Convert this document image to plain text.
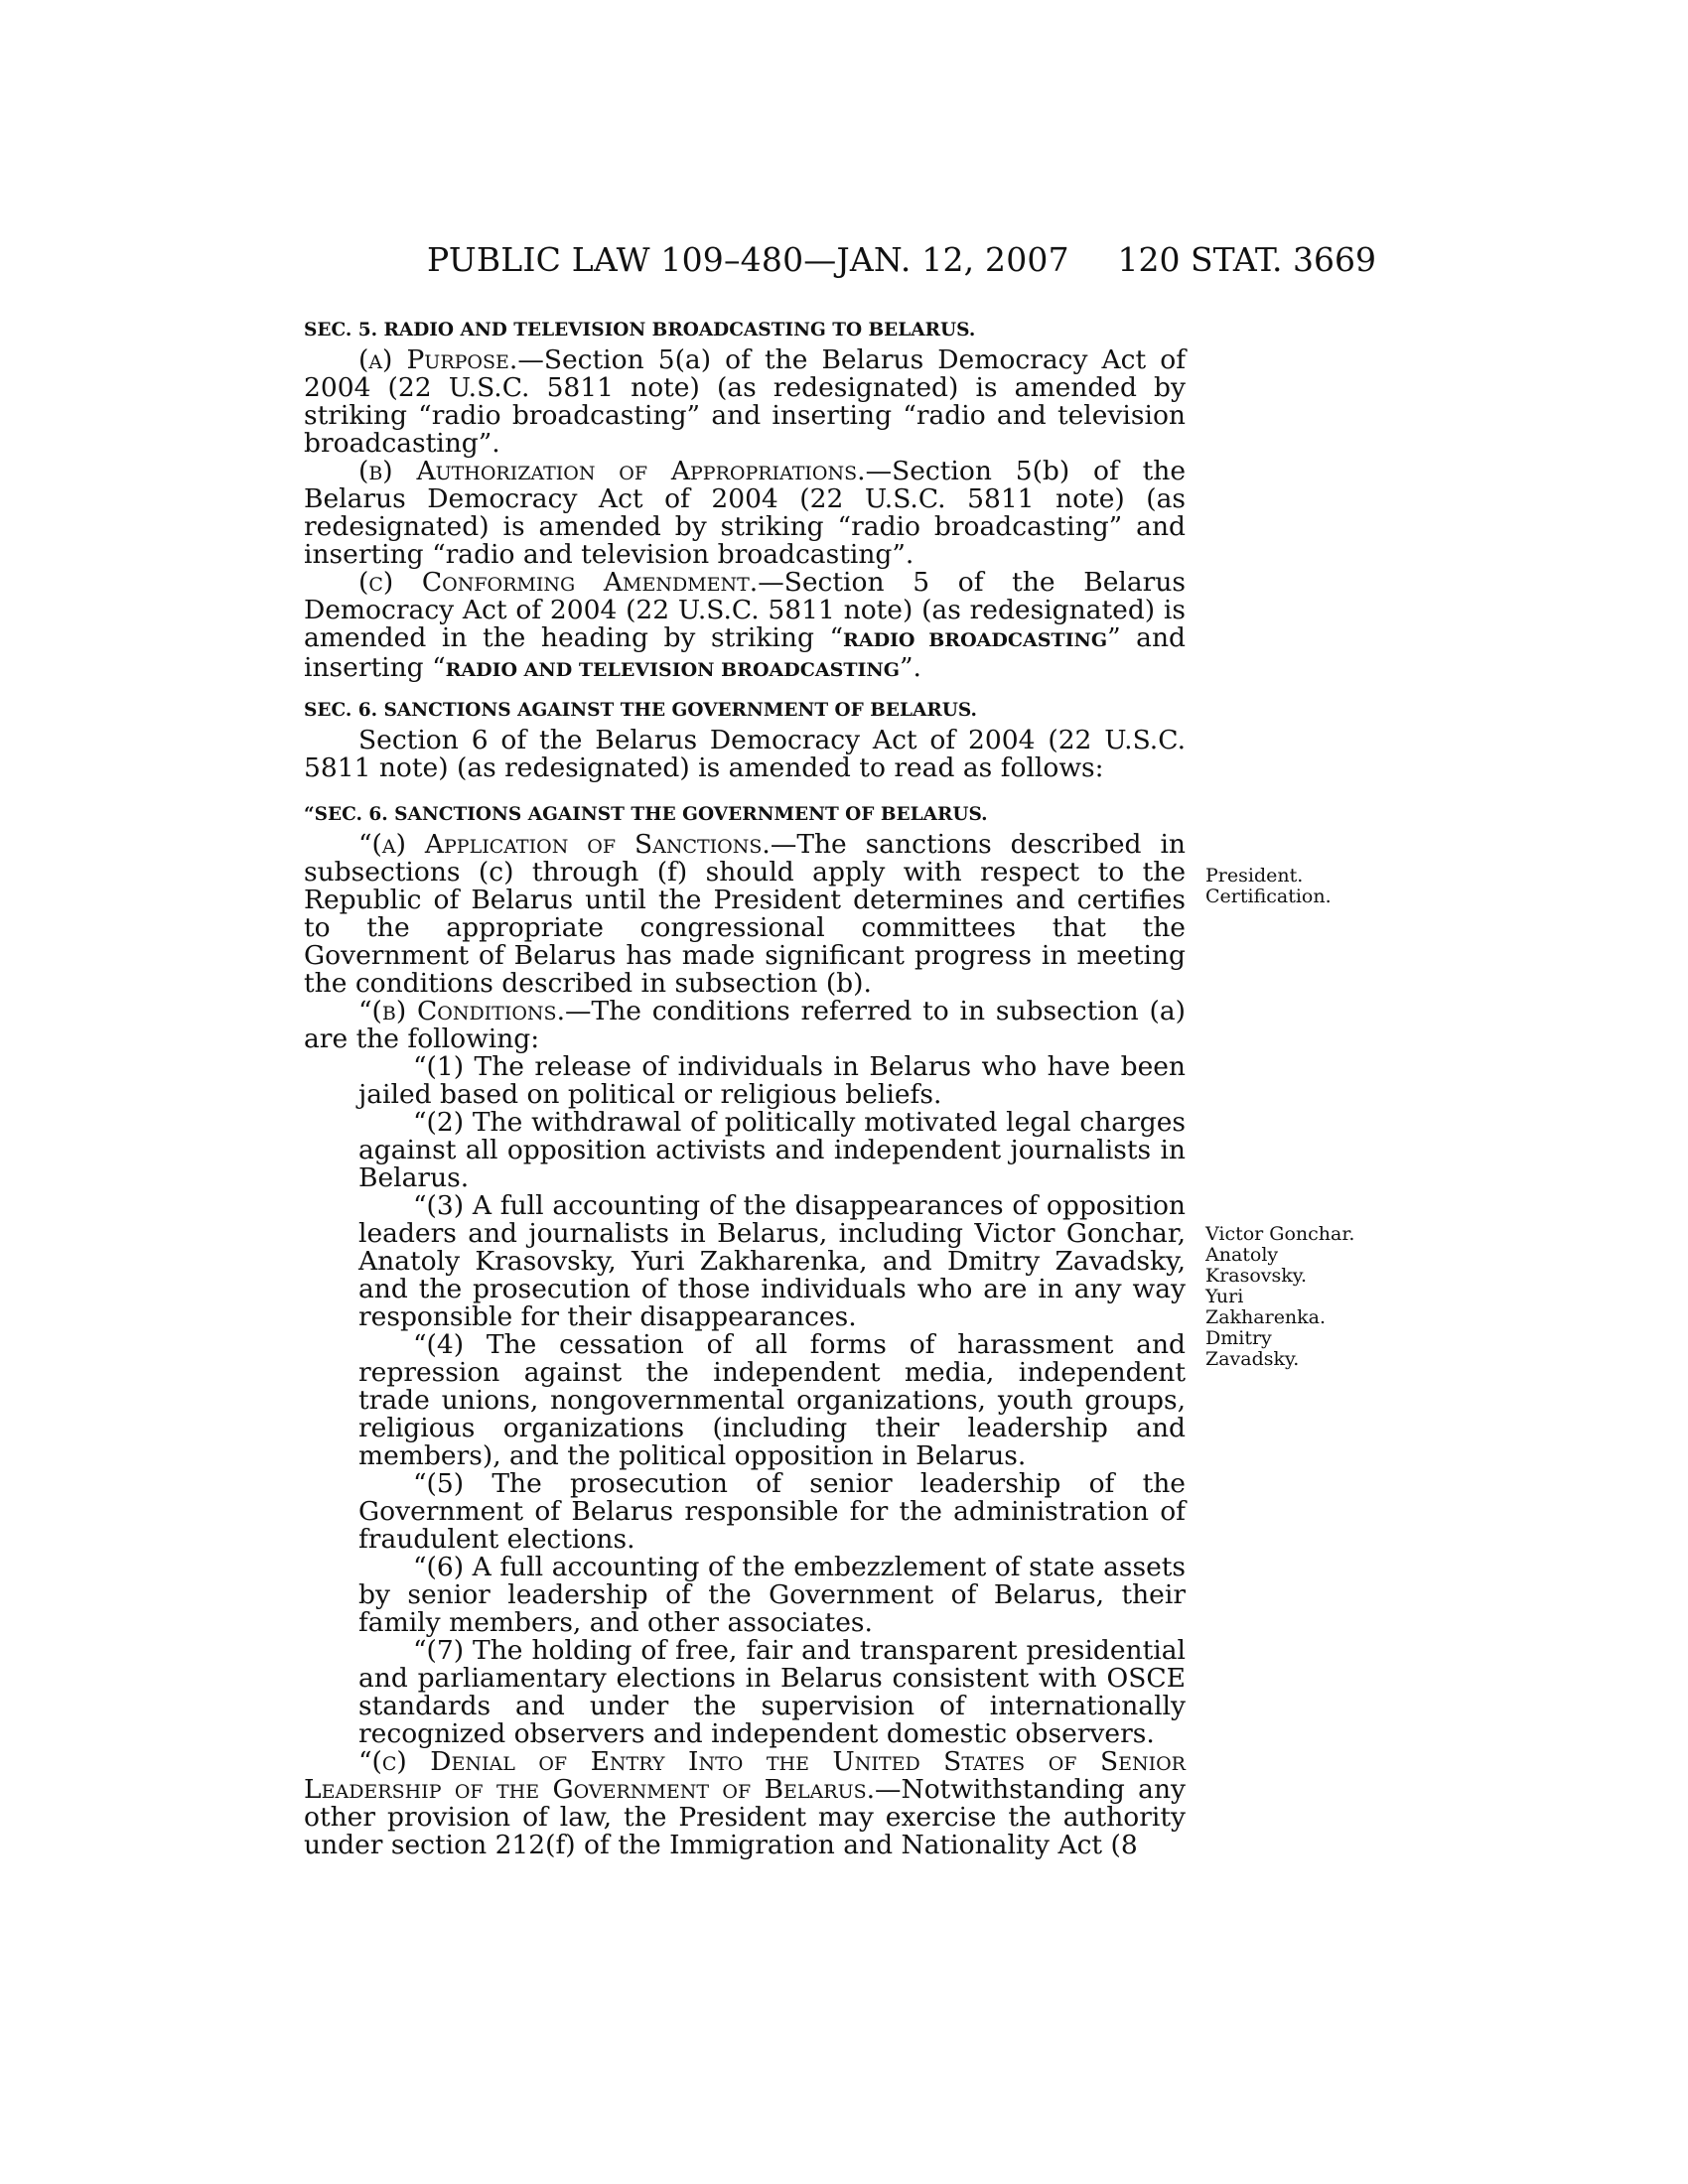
PUBLIC LAW 109–480—JAN. 12, 2007 120 STAT. 3669
SEC. 5. RADIO AND TELEVISION BROADCASTING TO BELARUS.

(a) Purpose.—Section 5(a) of the Belarus Democracy Act of 2004 (22 U.S.C. 5811 note) (as redesignated) is amended by striking “radio broadcasting” and inserting “radio and television broadcasting”.

(b) Authorization of Appropriations.—Section 5(b) of the Belarus Democracy Act of 2004 (22 U.S.C. 5811 note) (as redesignated) is amended by striking “radio broadcasting” and inserting “radio and television broadcasting”.

(c) Conforming Amendment.—Section 5 of the Belarus Democracy Act of 2004 (22 U.S.C. 5811 note) (as redesignated) is amended in the heading by striking “RADIO BROADCASTING” and inserting “RADIO AND TELEVISION BROADCASTING”.

SEC. 6. SANCTIONS AGAINST THE GOVERNMENT OF BELARUS.

Section 6 of the Belarus Democracy Act of 2004 (22 U.S.C. 5811 note) (as redesignated) is amended to read as follows:

“SEC. 6. SANCTIONS AGAINST THE GOVERNMENT OF BELARUS.

“(a) Application of Sanctions.—The sanctions described in subsections (c) through (f) should apply with respect to the Republic of Belarus until the President determines and certifies to the appropriate congressional committees that the Government of Belarus has made significant progress in meeting the conditions described in subsection (b).

“(b) Conditions.—The conditions referred to in subsection (a) are the following:

“(1) The release of individuals in Belarus who have been jailed based on political or religious beliefs.

“(2) The withdrawal of politically motivated legal charges against all opposition activists and independent journalists in Belarus.

“(3) A full accounting of the disappearances of opposition leaders and journalists in Belarus, including Victor Gonchar, Anatoly Krasovsky, Yuri Zakharenka, and Dmitry Zavadsky, and the prosecution of those individuals who are in any way responsible for their disappearances.

“(4) The cessation of all forms of harassment and repression against the independent media, independent trade unions, nongovernmental organizations, youth groups, religious organizations (including their leadership and members), and the political opposition in Belarus.

“(5) The prosecution of senior leadership of the Government of Belarus responsible for the administration of fraudulent elections.

“(6) A full accounting of the embezzlement of state assets by senior leadership of the Government of Belarus, their family members, and other associates.

“(7) The holding of free, fair and transparent presidential and parliamentary elections in Belarus consistent with OSCE standards and under the supervision of internationally recognized observers and independent domestic observers.

“(c) Denial of Entry Into the United States of Senior Leadership of the Government of Belarus.—Notwithstanding any other provision of law, the President may exercise the authority under section 212(f) of the Immigration and Nationality Act (8

President.
Certification.
Victor Gonchar.
Anatoly
Krasovsky.
Yuri
Zakharenka.
Dmitry
Zavadsky.
